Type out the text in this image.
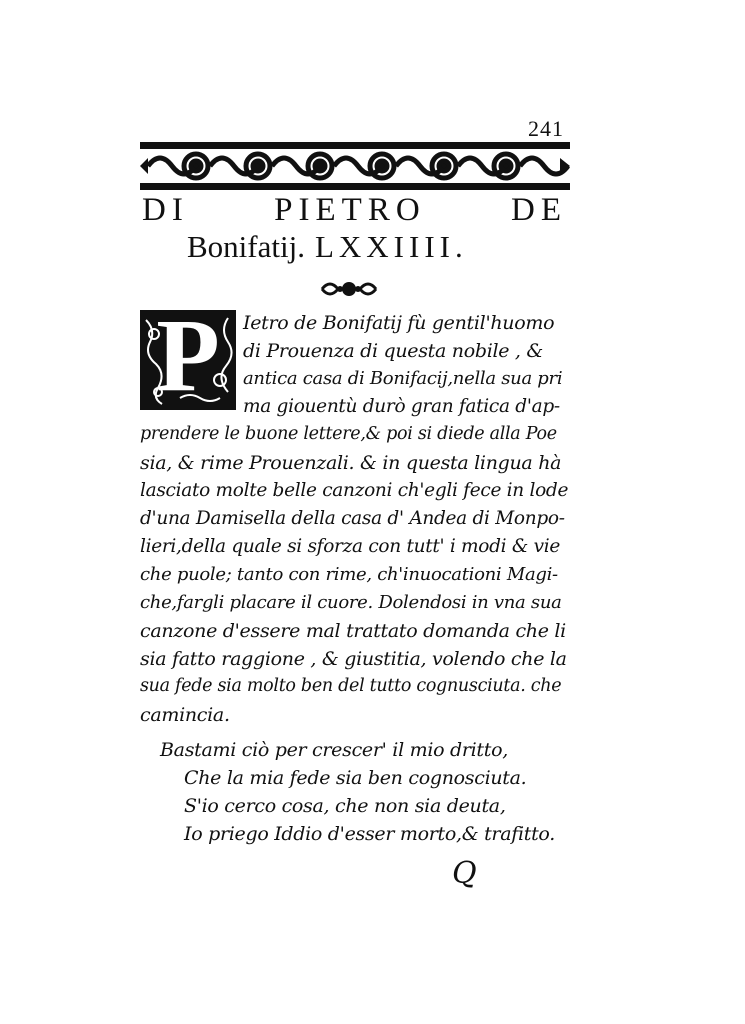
241
DI PIETRO DE
Bonifatij. LXXIIII.
P	Ietro de Bonifatij fù gentil'huomo
di Prouenza di questa nobile , &
antica casa di Bonifacij,nella sua pri
ma giouentù durò gran fatica d'ap-
prendere le buone lettere,& poi si diede alla Poe
sia, & rime Prouenzali. & in questa lingua hà
lasciato molte belle canzoni ch'egli fece in lode
d'una Damisella della casa d' Andea di Monpo-
lieri,della quale si sforza con tutt' i modi & vie
che puole; tanto con rime, ch'inuocationi Magi-
che,fargli placare il cuore. Dolendosi in vna sua
canzone d'essere mal trattato domanda che li
sia fatto raggione , & giustitia, volendo che la
sua fede sia molto ben del tutto cognusciuta. che
camincia.
Bastami ciò per crescer' il mio dritto,
Che la mia fede sia ben cognosciuta.
S'io cerco cosa, che non sia deuta,
Io priego Iddio d'esser morto,& trafitto.
Q
